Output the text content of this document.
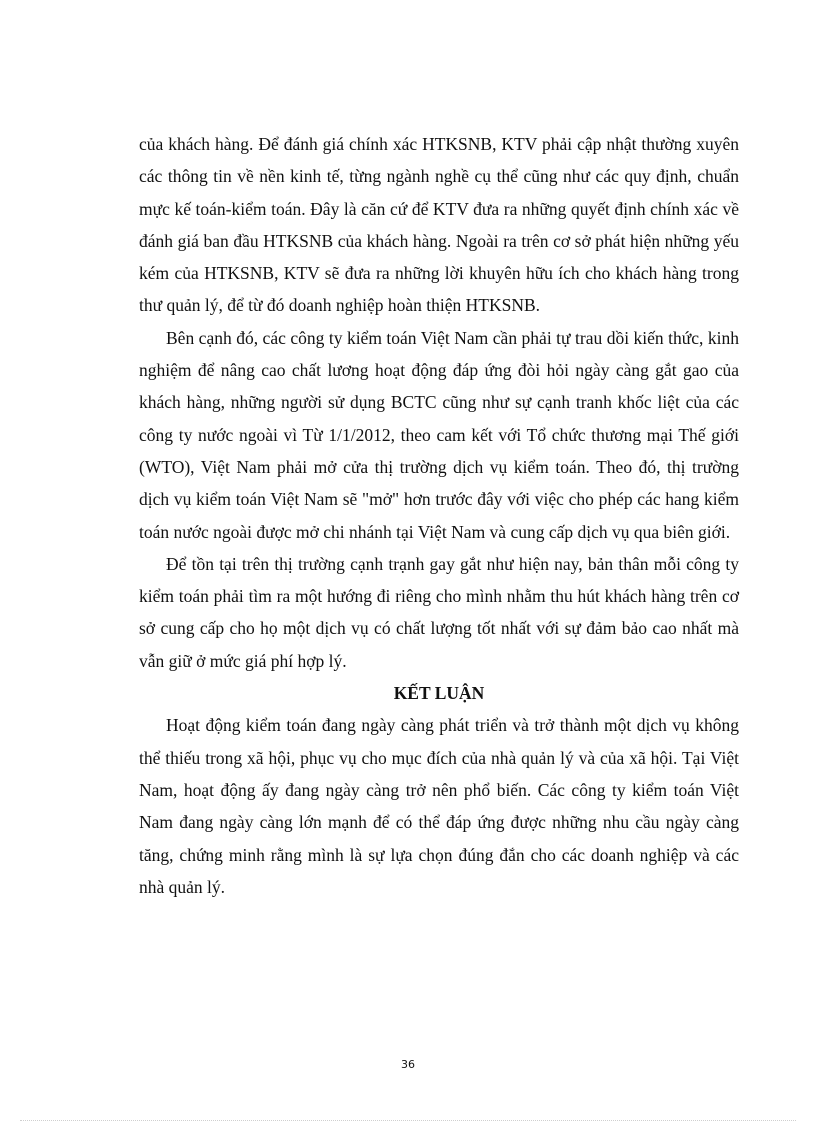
của khách hàng. Để đánh giá chính xác HTKSNB, KTV phải cập nhật thường xuyên các thông tin về nền kinh tế, từng ngành nghề cụ thể cũng như các quy định, chuẩn mực kế toán-kiểm toán. Đây là căn cứ để KTV đưa ra những quyết định chính xác về đánh giá ban đầu HTKSNB của khách hàng. Ngoài ra trên cơ sở phát hiện những yếu kém của HTKSNB, KTV sẽ đưa ra những lời khuyên hữu ích cho khách hàng trong thư quản lý, để từ đó doanh nghiệp hoàn thiện HTKSNB.

Bên cạnh đó, các công ty kiểm toán Việt Nam cần phải tự trau dồi kiến thức, kinh nghiệm để nâng cao chất lương hoạt động đáp ứng đòi hỏi ngày càng gắt gao của khách hàng, những người sử dụng BCTC cũng như sự cạnh tranh khốc liệt của các công ty nước ngoài vì Từ 1/1/2012, theo cam kết với Tổ chức thương mại Thế giới (WTO), Việt Nam phải mở cửa thị trường dịch vụ kiểm toán. Theo đó, thị trường dịch vụ kiểm toán Việt Nam sẽ "mở" hơn trước đây với việc cho phép các hang kiểm toán nước ngoài được mở chi nhánh tại Việt Nam và cung cấp dịch vụ qua biên giới.

Để tồn tại trên thị trường cạnh trạnh gay gắt như hiện nay, bản thân mỗi công ty kiểm toán phải tìm ra một hướng đi riêng cho mình nhằm thu hút khách hàng trên cơ sở cung cấp cho họ một dịch vụ có chất lượng tốt nhất với sự đảm bảo cao nhất mà vẫn giữ ở mức giá phí hợp lý.

KẾT LUẬN

Hoạt động kiểm toán đang ngày càng phát triển và trở thành một dịch vụ không thể thiếu trong xã hội, phục vụ cho mục đích của nhà quản lý và của xã hội. Tại Việt Nam, hoạt động ấy đang ngày càng trở nên phổ biến. Các công ty kiểm toán Việt Nam đang ngày càng lớn mạnh để có thể đáp ứng được những nhu cầu ngày càng tăng, chứng minh rằng mình là sự lựa chọn đúng đắn cho các doanh nghiệp và các nhà quản lý.

36
